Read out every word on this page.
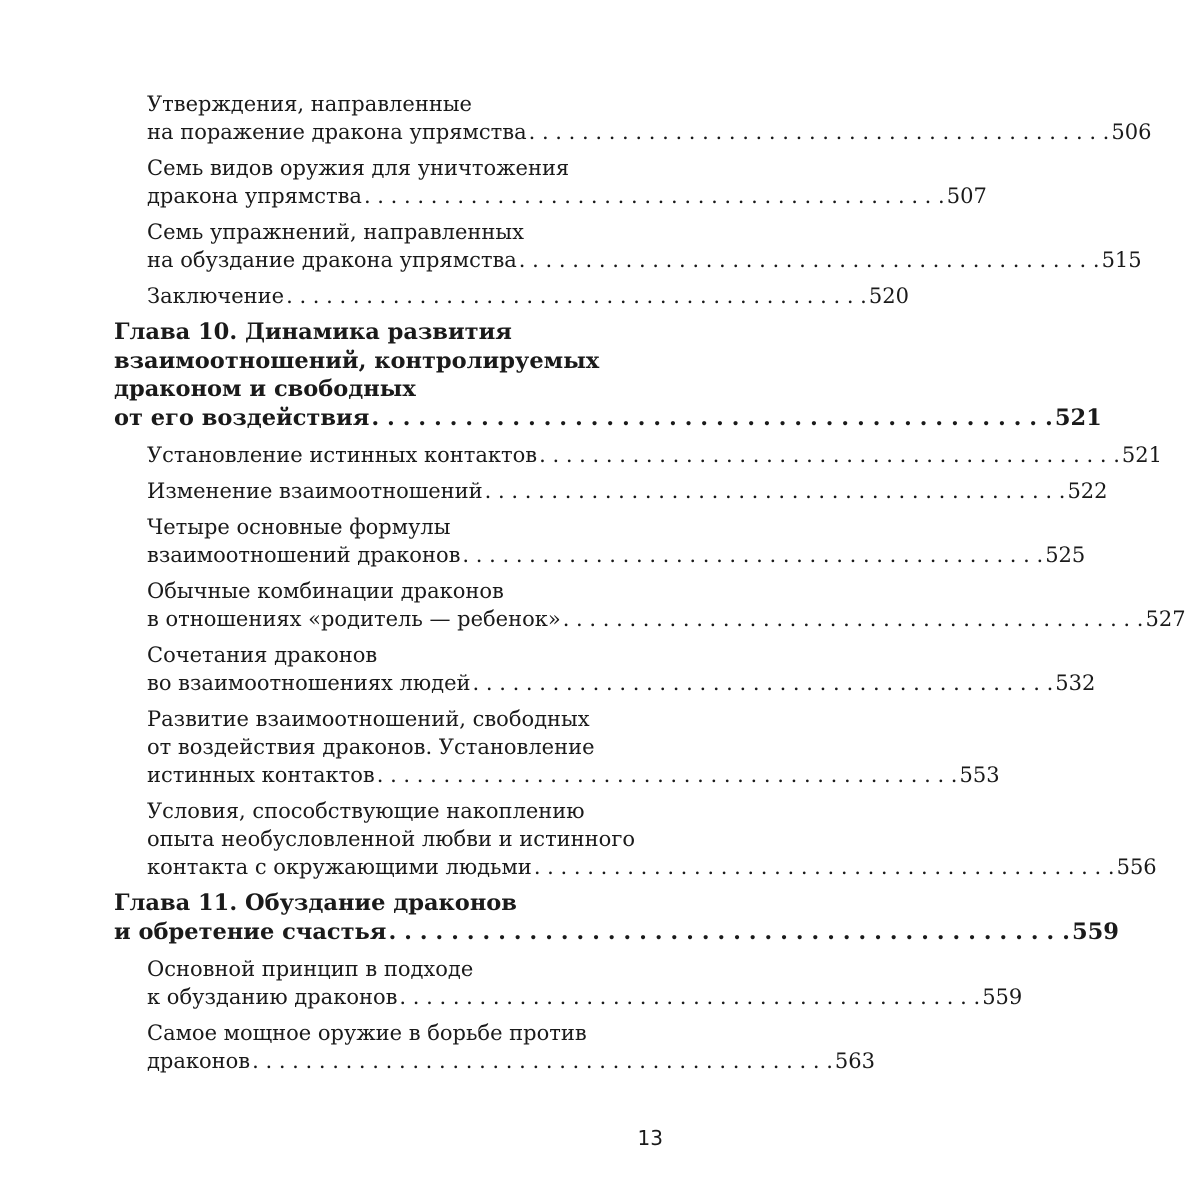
Утверждения, направленные
на поражение дракона упрямства . . . . . . . . . . . . . . . . . . . . . . . . . . . . . . . . . . . . . . . . . . . . 506
Семь видов оружия для уничтожения
дракона упрямства . . . . . . . . . . . . . . . . . . . . . . . . . . . . . . . . . . . . . . . . . . . . 507
Семь упражнений, направленных
на обуздание дракона упрямства . . . . . . . . . . . . . . . . . . . . . . . . . . . . . . . . . . . . . . . . . . . . 515
Заключение . . . . . . . . . . . . . . . . . . . . . . . . . . . . . . . . . . . . . . . . . . . . 520
Глава 10. Динамика развития
взаимоотношений, контролируемых
драконом и свободных
от его воздействия . . . . . . . . . . . . . . . . . . . . . . . . . . . . . . . . . . . . . . . . . . . . 521
Установление истинных контактов . . . . . . . . . . . . . . . . . . . . . . . . . . . . . . . . . . . . . . . . . . . . 521
Изменение взаимоотношений . . . . . . . . . . . . . . . . . . . . . . . . . . . . . . . . . . . . . . . . . . . . 522
Четыре основные формулы
взаимоотношений драконов . . . . . . . . . . . . . . . . . . . . . . . . . . . . . . . . . . . . . . . . . . . . 525
Обычные комбинации драконов
в отношениях «родитель — ребенок» . . . . . . . . . . . . . . . . . . . . . . . . . . . . . . . . . . . . . . . . . . . . 527
Сочетания драконов
во взаимоотношениях людей . . . . . . . . . . . . . . . . . . . . . . . . . . . . . . . . . . . . . . . . . . . . 532
Развитие взаимоотношений, свободных
от воздействия драконов. Установление
истинных контактов . . . . . . . . . . . . . . . . . . . . . . . . . . . . . . . . . . . . . . . . . . . . 553
Условия, способствующие накоплению
опыта необусловленной любви и истинного
контакта с окружающими людьми . . . . . . . . . . . . . . . . . . . . . . . . . . . . . . . . . . . . . . . . . . . . 556
Глава 11. Обуздание драконов
и обретение счастья . . . . . . . . . . . . . . . . . . . . . . . . . . . . . . . . . . . . . . . . . . . . 559
Основной принцип в подходе
к обузданию драконов . . . . . . . . . . . . . . . . . . . . . . . . . . . . . . . . . . . . . . . . . . . . 559
Самое мощное оружие в борьбе против
драконов . . . . . . . . . . . . . . . . . . . . . . . . . . . . . . . . . . . . . . . . . . . . 563
13
